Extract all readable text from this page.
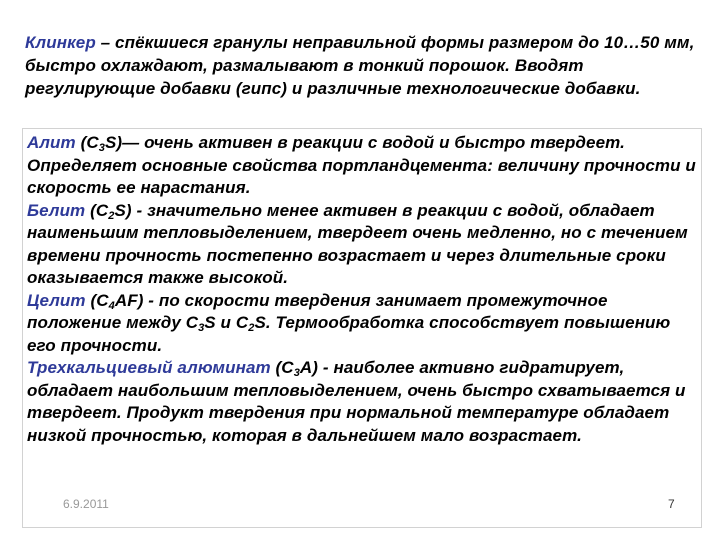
Клинкер – спёкшиеся гранулы неправильной формы размером до 10…50 мм, быстро охлаждают, размалывают в тонкий порошок. Вводят регулирующие добавки (гипс) и различные технологические добавки.

Алит $(C_3S)—$ очень активен в реакции с водой и быстро твердеет. Определяет основные свойства портландцемента: величину прочности и скорость ее нарастания.

Белит $(C_2S)$ - значительно менее активен в реакции с водой, обладает наименьшим тепловыделением, твердеет очень медленно, но с течением времени прочность постепенно возрастает и через длительные сроки оказывается также высокой.

Целит $(C_4AF)$ - по скорости твердения занимает промежуточное положение между $C_3S$ и $C_2S$. Термообработка способствует повышению его прочности.

Трехкальциевый алюминат $(C_3A)$ - наиболее активно гидратирует, обладает наибольшим тепловыделением, очень быстро схватывается и твердеет. Продукт твердения при нормальной температуре обладает низкой прочностью, которая в дальнейшем мало возрастает.

6.9.2011	7
